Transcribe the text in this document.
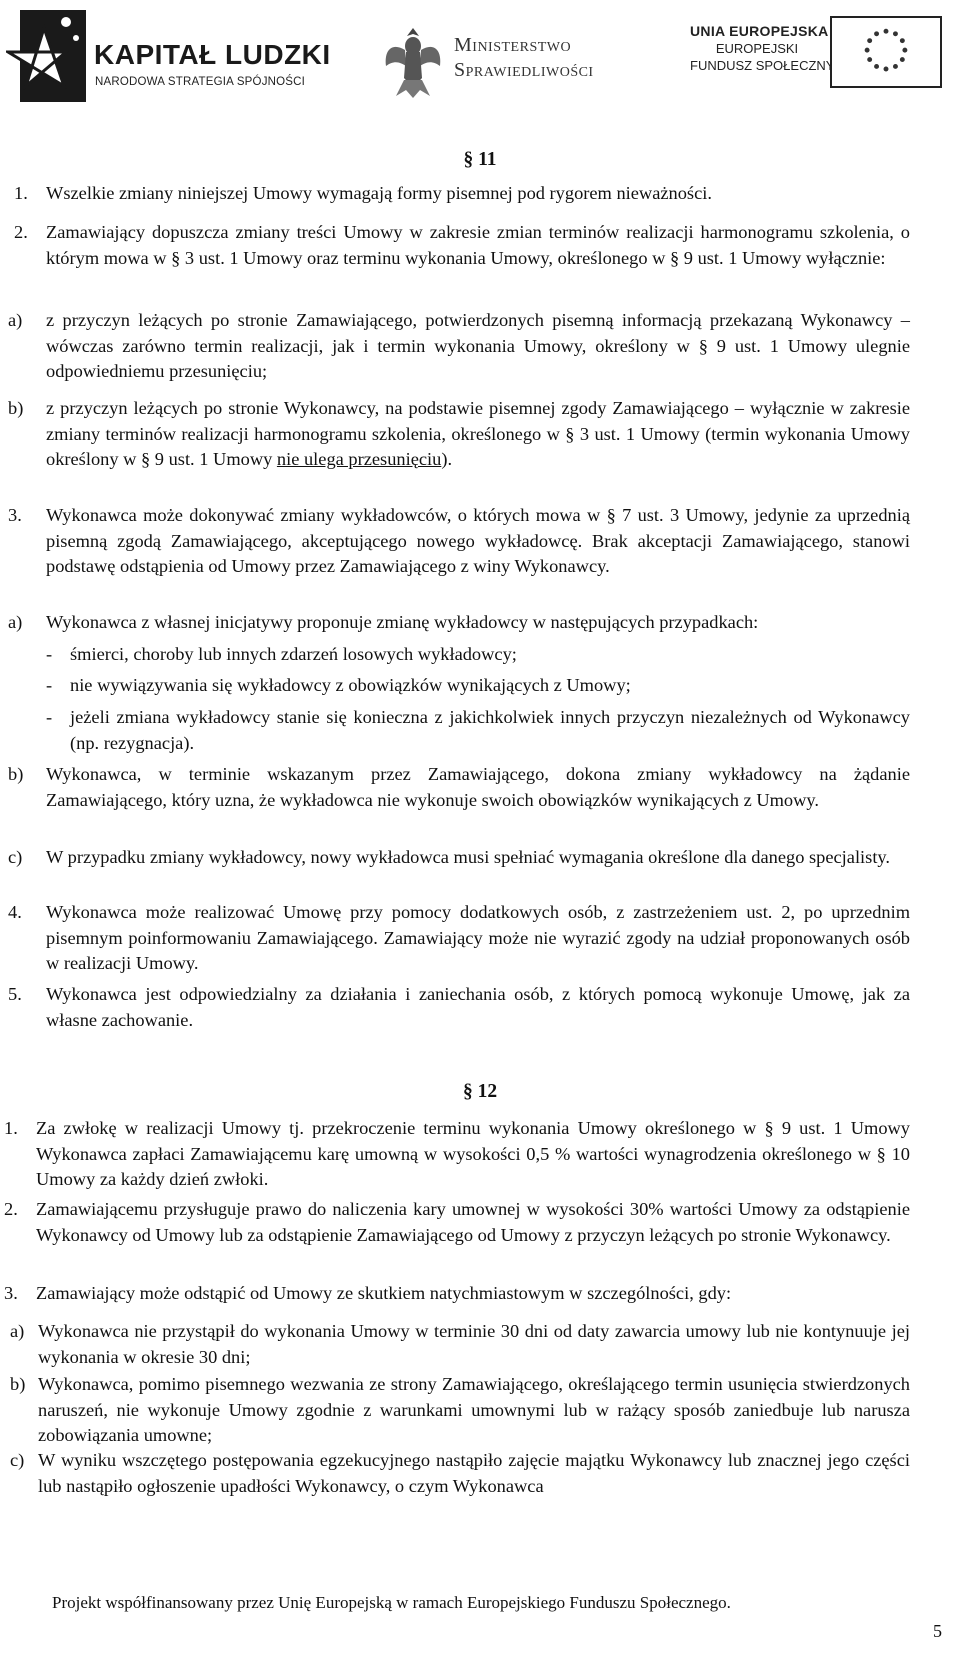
KAPITAŁ LUDZKI
NARODOWA STRATEGIA SPÓJNOŚCI
Ministerstwo
Sprawiedliwości
UNIA EUROPEJSKA
EUROPEJSKI
FUNDUSZ SPOŁECZNY
§ 11
1. Wszelkie zmiany niniejszej Umowy wymagają formy pisemnej pod rygorem nieważności.
2. Zamawiający dopuszcza zmiany treści Umowy w zakresie zmian terminów realizacji harmonogramu szkolenia, o którym mowa w § 3 ust. 1 Umowy oraz terminu wykonania Umowy, określonego w § 9 ust. 1 Umowy wyłącznie:
a)	z przyczyn leżących po stronie Zamawiającego, potwierdzonych pisemną informacją przekazaną Wykonawcy – wówczas zarówno termin realizacji, jak i termin wykonania Umowy, określony w § 9 ust. 1 Umowy ulegnie odpowiedniemu przesunięciu;
b)	z przyczyn leżących po stronie Wykonawcy, na podstawie pisemnej zgody Zamawiającego – wyłącznie w zakresie zmiany terminów realizacji harmonogramu szkolenia, określonego w § 3 ust. 1 Umowy (termin wykonania Umowy określony w § 9 ust. 1 Umowy nie ulega przesunięciu).
3.	Wykonawca może dokonywać zmiany wykładowców, o których mowa w § 7 ust. 3 Umowy, jedynie za uprzednią pisemną zgodą Zamawiającego, akceptującego nowego wykładowcę. Brak akceptacji Zamawiającego, stanowi podstawę odstąpienia od Umowy przez Zamawiającego z winy Wykonawcy.
a)	Wykonawca z własnej inicjatywy proponuje zmianę wykładowcy w następujących przypadkach:
- śmierci, choroby lub innych zdarzeń losowych wykładowcy;
- nie wywiązywania się wykładowcy z obowiązków wynikających z Umowy;
- jeżeli zmiana wykładowcy stanie się konieczna z jakichkolwiek innych przyczyn niezależnych od Wykonawcy (np. rezygnacja).
b)	Wykonawca, w terminie wskazanym przez Zamawiającego, dokona zmiany wykładowcy na żądanie Zamawiającego, który uzna, że wykładowca nie wykonuje swoich obowiązków wynikających z Umowy.
c)	W przypadku zmiany wykładowcy, nowy wykładowca musi spełniać wymagania określone dla danego specjalisty.
4.	Wykonawca może realizować Umowę przy pomocy dodatkowych osób, z zastrzeżeniem ust. 2, po uprzednim pisemnym poinformowaniu Zamawiającego. Zamawiający może nie wyrazić zgody na udział proponowanych osób w realizacji Umowy.
5.	Wykonawca jest odpowiedzialny za działania i zaniechania osób, z których pomocą wykonuje Umowę, jak za własne zachowanie.
§ 12
1. Za zwłokę w realizacji Umowy tj. przekroczenie terminu wykonania Umowy określonego w § 9 ust. 1 Umowy Wykonawca zapłaci Zamawiającemu karę umowną w wysokości 0,5 % wartości wynagrodzenia określonego w § 10 Umowy za każdy dzień zwłoki.
2. Zamawiającemu przysługuje prawo do naliczenia kary umownej w wysokości 30% wartości Umowy za odstąpienie Wykonawcy od Umowy lub za odstąpienie Zamawiającego od Umowy z przyczyn leżących po stronie Wykonawcy.
3. Zamawiający może odstąpić od Umowy ze skutkiem natychmiastowym w szczególności, gdy:
a) Wykonawca nie przystąpił do wykonania Umowy w terminie 30 dni od daty zawarcia umowy lub nie kontynuuje jej wykonania w okresie 30 dni;
b) Wykonawca, pomimo pisemnego wezwania ze strony Zamawiającego, określającego termin usunięcia stwierdzonych naruszeń, nie wykonuje Umowy zgodnie z warunkami umownymi lub w rażący sposób zaniedbuje lub narusza zobowiązania umowne;
c) W wyniku wszczętego postępowania egzekucyjnego nastąpiło zajęcie majątku Wykonawcy lub znacznej jego części lub nastąpiło ogłoszenie upadłości Wykonawcy, o czym Wykonawca
Projekt współfinansowany przez Unię Europejską w ramach Europejskiego Funduszu Społecznego.
5
